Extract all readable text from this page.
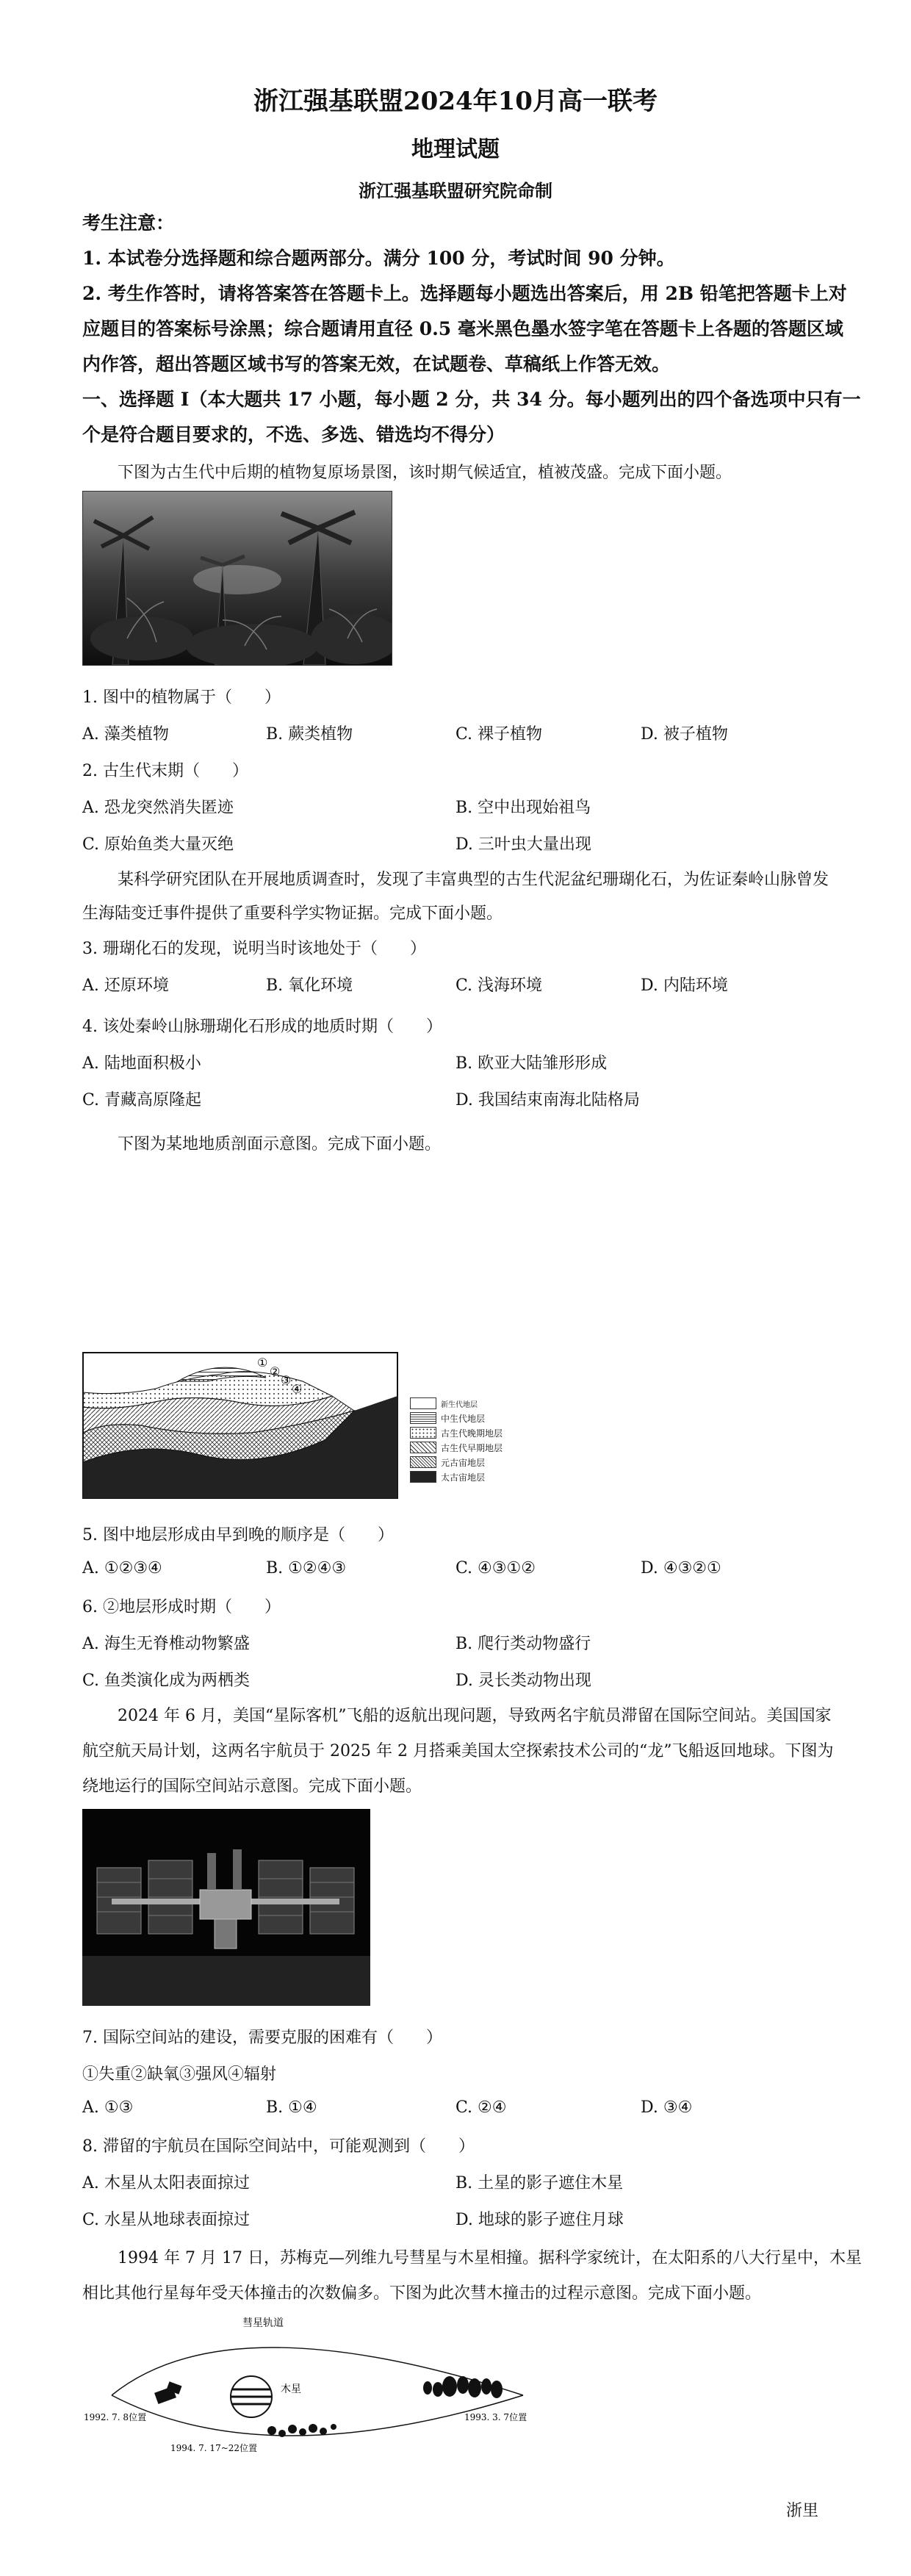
浙江强基联盟2024年10月高一联考
地理试题
浙江强基联盟研究院命制
考生注意：
1. 本试卷分选择题和综合题两部分。满分 100 分，考试时间 90 分钟。
2. 考生作答时，请将答案答在答题卡上。选择题每小题选出答案后，用 2B 铅笔把答题卡上对
应题目的答案标号涂黑；综合题请用直径 0.5 毫米黑色墨水签字笔在答题卡上各题的答题区域
内作答，超出答题区域书写的答案无效，在试题卷、草稿纸上作答无效。
一、选择题 I（本大题共 17 小题，每小题 2 分，共 34 分。每小题列出的四个备选项中只有一
个是符合题目要求的，不选、多选、错选均不得分）
下图为古生代中后期的植物复原场景图，该时期气候适宜，植被茂盛。完成下面小题。
1. 图中的植物属于（　　）
A. 藻类植物	B. 蕨类植物	C. 裸子植物	D. 被子植物
2. 古生代末期（　　）
A. 恐龙突然消失匿迹	B. 空中出现始祖鸟
C. 原始鱼类大量灭绝	D. 三叶虫大量出现
某科学研究团队在开展地质调查时，发现了丰富典型的古生代泥盆纪珊瑚化石，为佐证秦岭山脉曾发
生海陆变迁事件提供了重要科学实物证据。完成下面小题。
3. 珊瑚化石的发现，说明当时该地处于（　　）
A. 还原环境	B. 氧化环境	C. 浅海环境	D. 内陆环境
4. 该处秦岭山脉珊瑚化石形成的地质时期（　　）
A. 陆地面积极小	B. 欧亚大陆雏形形成
C. 青藏高原隆起	D. 我国结束南海北陆格局
下图为某地地质剖面示意图。完成下面小题。
①
②
③
④
新生代地层
中生代地层
古生代晚期地层
古生代早期地层
元古宙地层
太古宙地层
5. 图中地层形成由早到晚的顺序是（　　）
A. ①②③④	B. ①②④③	C. ④③①②	D. ④③②①
6. ②地层形成时期（　　）
A. 海生无脊椎动物繁盛	B. 爬行类动物盛行
C. 鱼类演化成为两栖类	D. 灵长类动物出现
2024 年 6 月，美国“星际客机”飞船的返航出现问题，导致两名宇航员滞留在国际空间站。美国国家
航空航天局计划，这两名宇航员于 2025 年 2 月搭乘美国太空探索技术公司的“龙”飞船返回地球。下图为
绕地运行的国际空间站示意图。完成下面小题。
7. 国际空间站的建设，需要克服的困难有（　　）
①失重②缺氧③强风④辐射
A. ①③	B. ①④	C. ②④	D. ③④
8. 滞留的宇航员在国际空间站中，可能观测到（　　）
A. 木星从太阳表面掠过	B. 土星的影子遮住木星
C. 水星从地球表面掠过	D. 地球的影子遮住月球
1994 年 7 月 17 日，苏梅克—列维九号彗星与木星相撞。据科学家统计，在太阳系的八大行星中，木星
相比其他行星每年受天体撞击的次数偏多。下图为此次彗木撞击的过程示意图。完成下面小题。
彗星轨道
木星
1992. 7. 8位置	1993. 3. 7位置
1994. 7. 17~22位置
浙里
